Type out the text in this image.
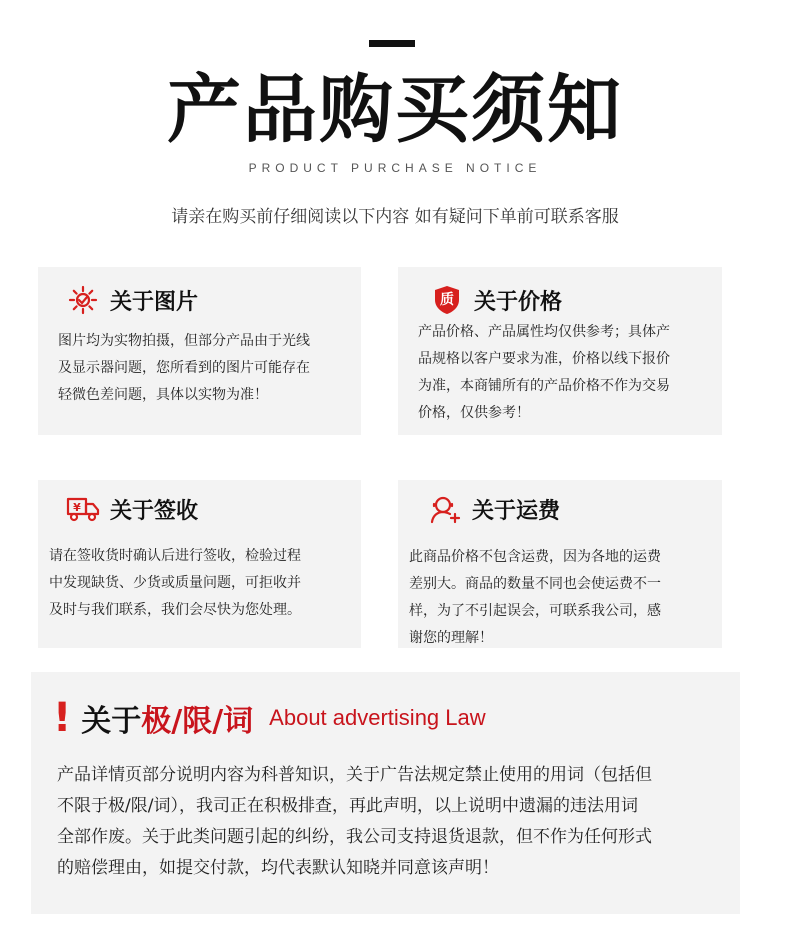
产品购买须知
PRODUCT PURCHASE NOTICE
请亲在购买前仔细阅读以下内容 如有疑问下单前可联系客服
关于图片
图片均为实物拍摄，但部分产品由于光线
及显示器问题，您所看到的图片可能存在
轻微色差问题，具体以实物为准！
质 关于价格
产品价格、产品属性均仅供参考；具体产
品规格以客户要求为准，价格以线下报价
为准，本商铺所有的产品价格不作为交易
价格，仅供参考！
¥ 关于签收
请在签收货时确认后进行签收，检验过程
中发现缺货、少货或质量问题，可拒收并
及时与我们联系，我们会尽快为您处理。
关于运费
此商品价格不包含运费，因为各地的运费
差别大。商品的数量不同也会使运费不一
样，为了不引起误会，可联系我公司，感
谢您的理解！
! 关于 极/限/词 About advertising Law
产品详情页部分说明内容为科普知识，关于广告法规定禁止使用的用词（包括但
不限于极/限/词），我司正在积极排查，再此声明，以上说明中遗漏的违法用词
全部作废。关于此类问题引起的纠纷，我公司支持退货退款，但不作为任何形式
的赔偿理由，如提交付款，均代表默认知晓并同意该声明！
